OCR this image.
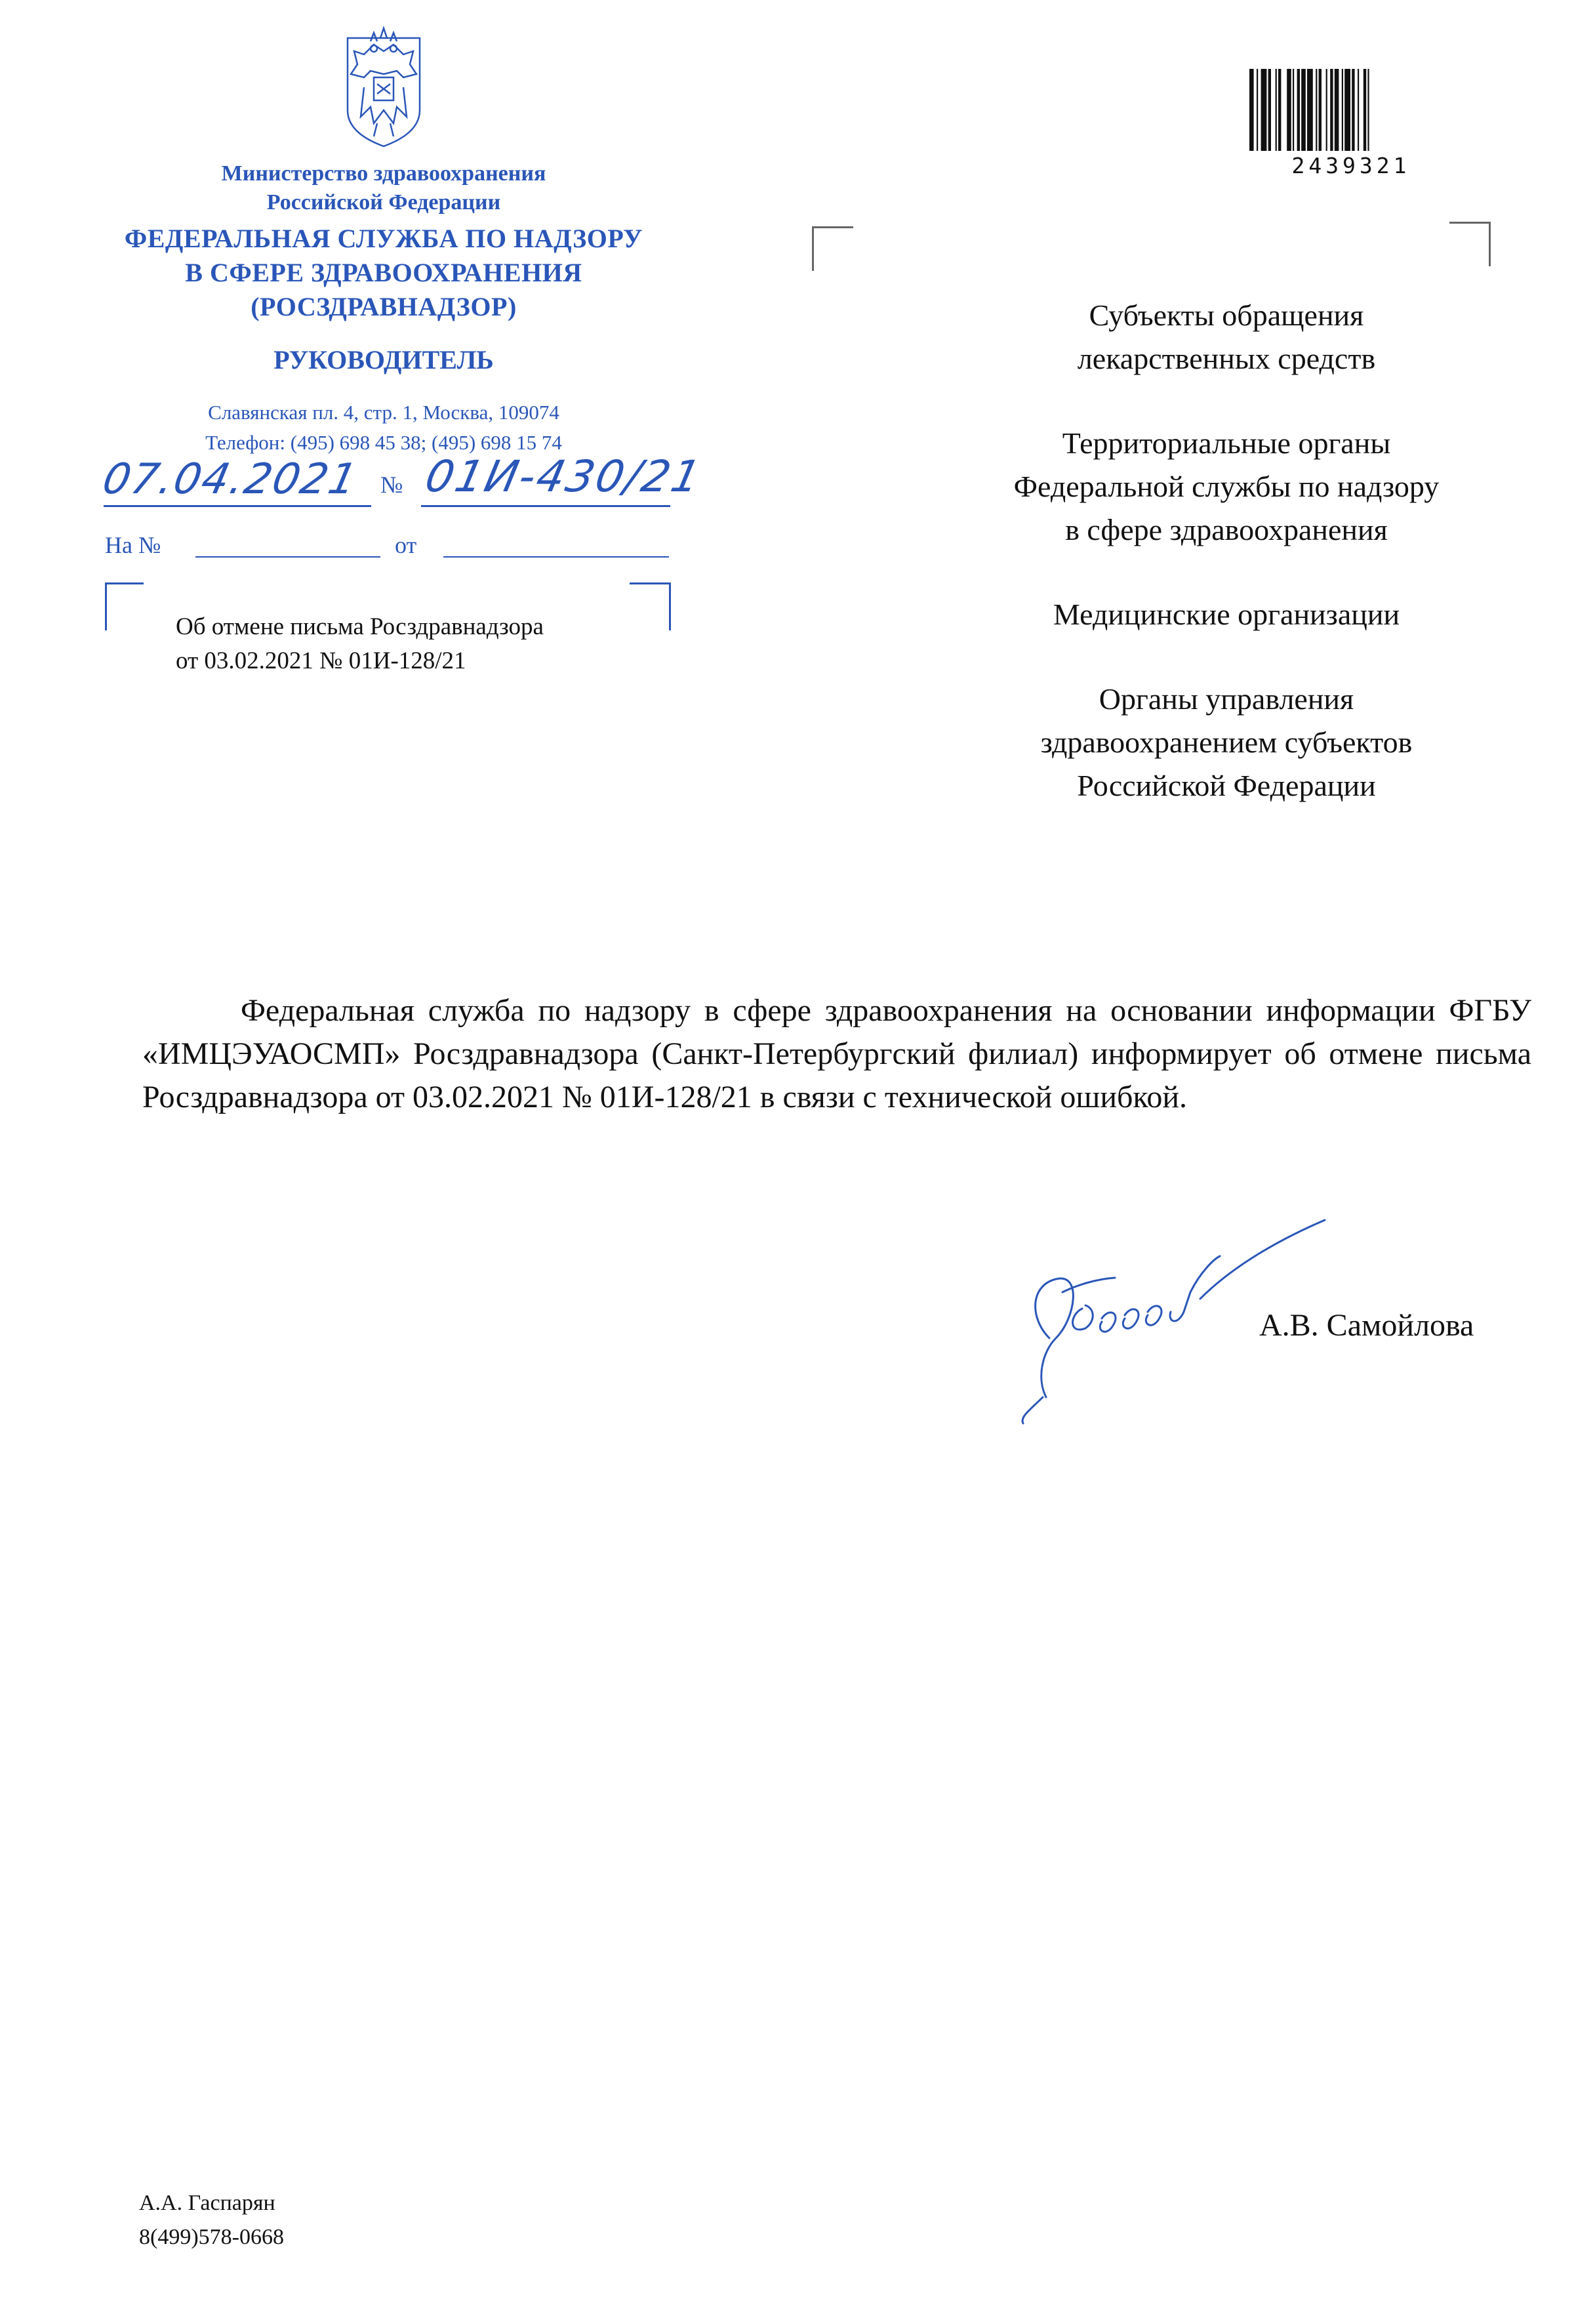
Министерство здравоохранения
Российской Федерации
ФЕДЕРАЛЬНАЯ СЛУЖБА ПО НАДЗОРУ
В СФЕРЕ ЗДРАВООХРАНЕНИЯ
(РОСЗДРАВНАДЗОР)
РУКОВОДИТЕЛЬ
Славянская пл. 4, стр. 1, Москва, 109074
Телефон: (495) 698 45 38; (495) 698 15 74
07.04.2021 № 01И-430/21
На №	от
Об отмене письма Росздравнадзора
от 03.02.2021 № 01И-128/21
2439321
Субъекты обращения
лекарственных средств
Территориальные органы
Федеральной службы по надзору
в сфере здравоохранения
Медицинские организации
Органы управления
здравоохранением субъектов
Российской Федерации
Федеральная служба по надзору в сфере здравоохранения на основании информации ФГБУ «ИМЦЭУАОСМП» Росздравнадзора (Санкт-Петербургский филиал) информирует об отмене письма Росздравнадзора от 03.02.2021 № 01И-128/21 в связи с технической ошибкой.
А.В. Самойлова
А.А. Гаспарян
8(499)578-0668
